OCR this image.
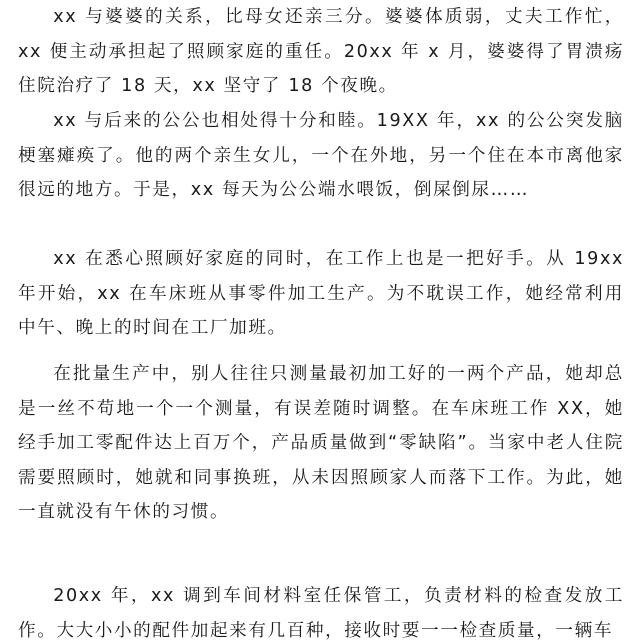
xx 与婆婆的关系，比母女还亲三分。婆婆体质弱，丈夫工作忙，xx 便主动承担起了照顾家庭的重任。20xx 年 x 月，婆婆得了胃溃疡住院治疗了 18 天，xx 坚守了 18 个夜晚。

xx 与后来的公公也相处得十分和睦。19XX 年，xx 的公公突发脑梗塞瘫痪了。他的两个亲生女儿，一个在外地，另一个住在本市离他家很远的地方。于是，xx 每天为公公端水喂饭，倒屎倒尿……

xx 在悉心照顾好家庭的同时，在工作上也是一把好手。从 19xx 年开始，xx 在车床班从事零件加工生产。为不耽误工作，她经常利用中午、晚上的时间在工厂加班。

在批量生产中，别人往往只测量最初加工好的一两个产品，她却总是一丝不苟地一个一个测量，有误差随时调整。在车床班工作 XX，她经手加工零配件达上百万个，产品质量做到“零缺陷”。当家中老人住院需要照顾时，她就和同事换班，从未因照顾家人而落下工作。为此，她一直就没有午休的习惯。

20xx 年，xx 调到车间材料室任保管工，负责材料的检查发放工作。大大小小的配件加起来有几百种，接收时要一一检查质量，一辆车
